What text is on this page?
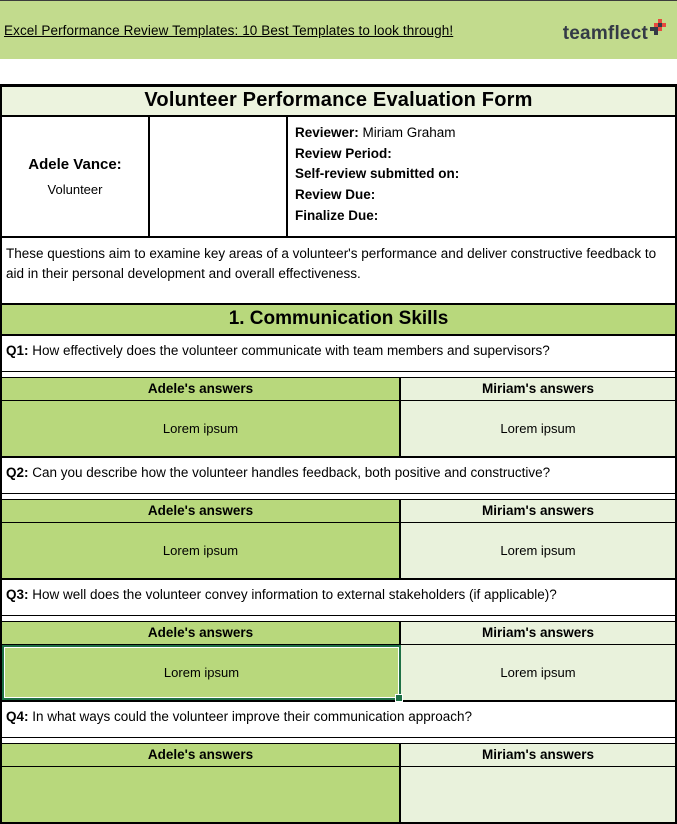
Excel Performance Review Templates: 10 Best Templates to look through!	teamflect
Volunteer Performance Evaluation Form
Adele Vance:
Volunteer
Reviewer: Miriam Graham
Review Period:
Self-review submitted on:
Review Due:
Finalize Due:
These questions aim to examine key areas of a volunteer's performance and deliver constructive feedback to aid in their personal development and overall effectiveness.
1. Communication Skills
Q1: How effectively does the volunteer communicate with team members and supervisors?
Adele's answers	Miriam's answers
Lorem ipsum	Lorem ipsum
Q2: Can you describe how the volunteer handles feedback, both positive and constructive?
Adele's answers	Miriam's answers
Lorem ipsum	Lorem ipsum
Q3: How well does the volunteer convey information to external stakeholders (if applicable)?
Adele's answers	Miriam's answers
Lorem ipsum	Lorem ipsum
Q4: In what ways could the volunteer improve their communication approach?
Adele's answers	Miriam's answers
